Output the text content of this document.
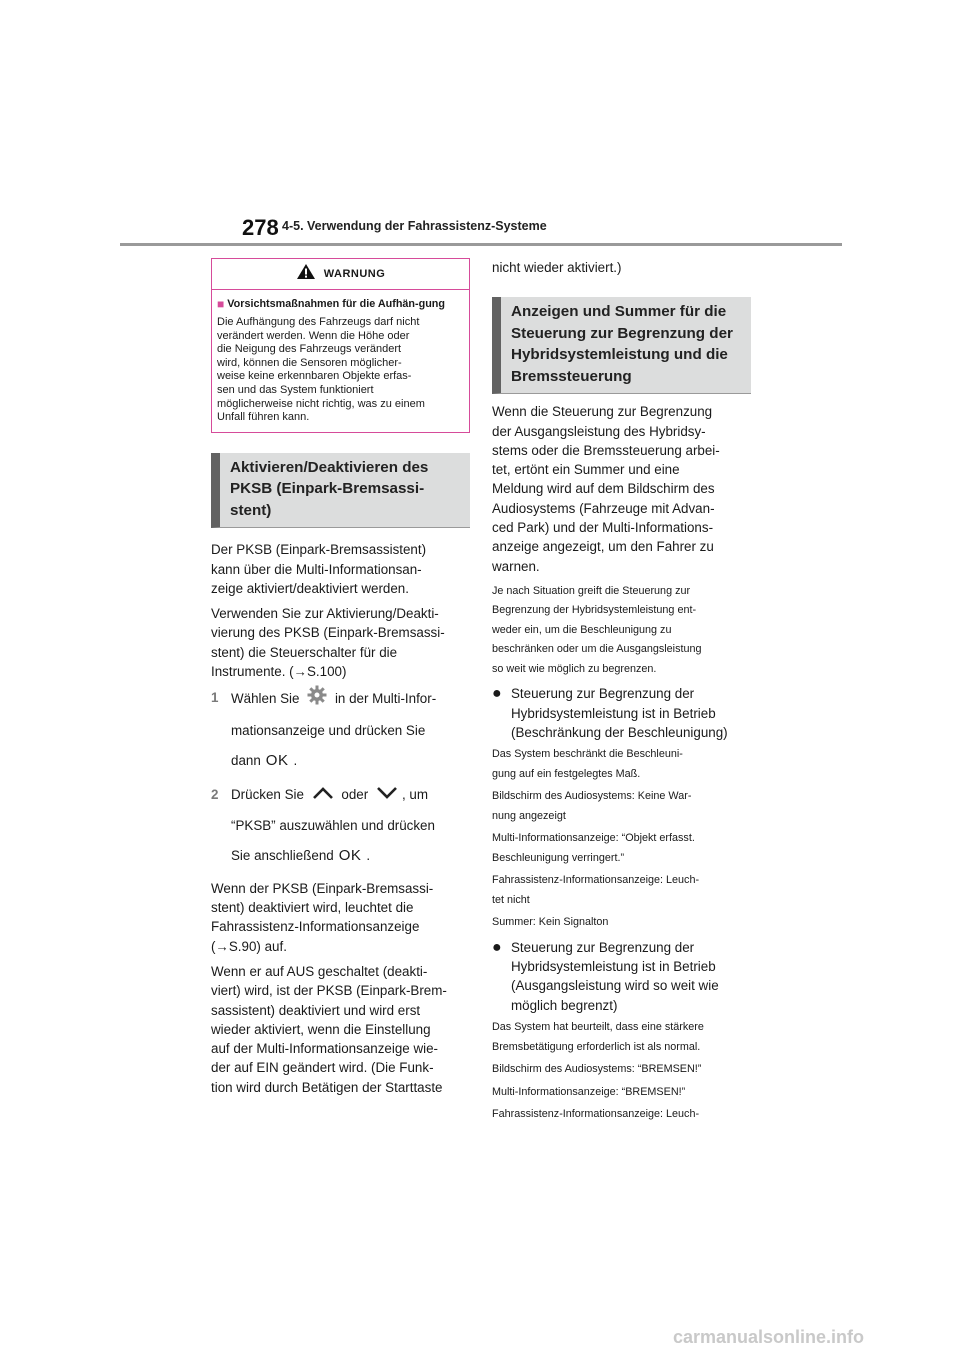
278 4-5. Verwendung der Fahrassistenz-Systeme
WARNUNG
■ Vorsichtsmaßnahmen für die Aufhän-gung
Die Aufhängung des Fahrzeugs darf nicht
verändert werden. Wenn die Höhe oder
die Neigung des Fahrzeugs verändert
wird, können die Sensoren möglicher-
weise keine erkennbaren Objekte erfas-
sen und das System funktioniert
möglicherweise nicht richtig, was zu einem
Unfall führen kann.
Aktivieren/Deaktivieren des
PKSB (Einpark-Bremsassi-
stent)
Der PKSB (Einpark-Bremsassistent)
kann über die Multi-Informationsan-
zeige aktiviert/deaktiviert werden.
Verwenden Sie zur Aktivierung/Deakti-
vierung des PKSB (Einpark-Bremsassi-
stent) die Steuerschalter für die
Instrumente. (→S.100)
1 Wählen Sie	in der Multi-Infor-
mationsanzeige und drücken Sie
dann OK .
2 Drücken Sie	oder	, um
“PKSB” auszuwählen und drücken
Sie anschließend OK .
Wenn der PKSB (Einpark-Bremsassi-
stent) deaktiviert wird, leuchtet die
Fahrassistenz-Informationsanzeige
(→S.90) auf.
Wenn er auf AUS geschaltet (deakti-
viert) wird, ist der PKSB (Einpark-Brem-
sassistent) deaktiviert und wird erst
wieder aktiviert, wenn die Einstellung
auf der Multi-Informationsanzeige wie-
der auf EIN geändert wird. (Die Funk-
tion wird durch Betätigen der Starttaste
nicht wieder aktiviert.)
Anzeigen und Summer für die
Steuerung zur Begrenzung der
Hybridsystemleistung und die
Bremssteuerung
Wenn die Steuerung zur Begrenzung
der Ausgangsleistung des Hybridsy-
stems oder die Bremssteuerung arbei-
tet, ertönt ein Summer und eine
Meldung wird auf dem Bildschirm des
Audiosystems (Fahrzeuge mit Advan-
ced Park) und der Multi-Informations-
anzeige angezeigt, um den Fahrer zu
warnen.
Je nach Situation greift die Steuerung zur
Begrenzung der Hybridsystemleistung ent-
weder ein, um die Beschleunigung zu
beschränken oder um die Ausgangsleistung
so weit wie möglich zu begrenzen.
● Steuerung zur Begrenzung der
Hybridsystemleistung ist in Betrieb
(Beschränkung der Beschleunigung)
Das System beschränkt die Beschleuni-
gung auf ein festgelegtes Maß.
Bildschirm des Audiosystems: Keine War-
nung angezeigt
Multi-Informationsanzeige: “Objekt erfasst.
Beschleunigung verringert.”
Fahrassistenz-Informationsanzeige: Leuch-
tet nicht
Summer: Kein Signalton
● Steuerung zur Begrenzung der
Hybridsystemleistung ist in Betrieb
(Ausgangsleistung wird so weit wie
möglich begrenzt)
Das System hat beurteilt, dass eine stärkere
Bremsbetätigung erforderlich ist als normal.
Bildschirm des Audiosystems: “BREMSEN!”
Multi-Informationsanzeige: “BREMSEN!”
Fahrassistenz-Informationsanzeige: Leuch-
carmanualsonline.info
